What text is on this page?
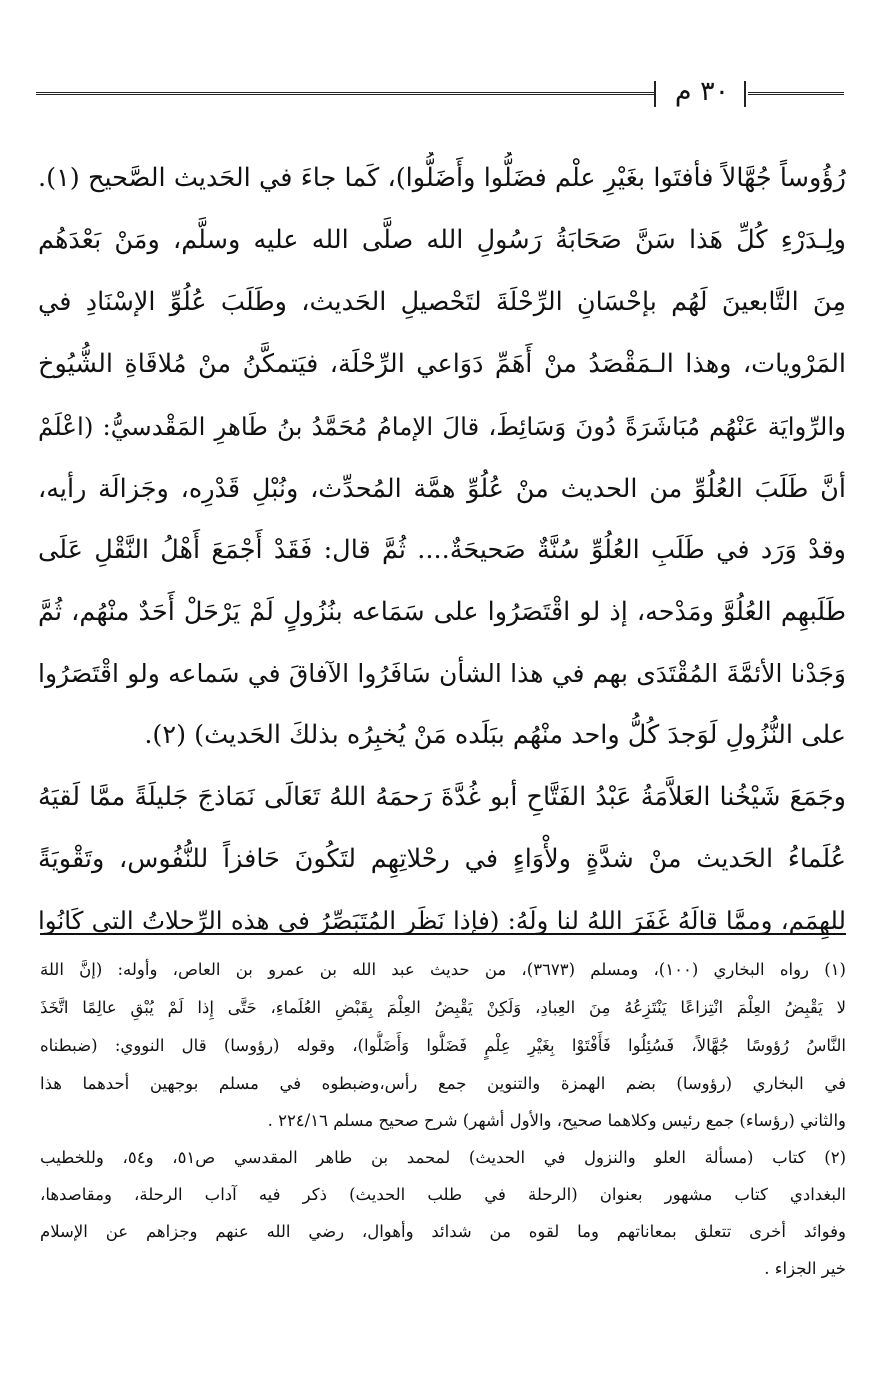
٣٠ م
رُؤُوساً جُهَّالاً فأفتَوا بغَيْرِ علْم فضَلُّوا وأَضَلُّوا)، كَما جاءَ في الحَديث الصَّحيح (١).
ولِـدَرْءِ كُلِّ هَذا سَنَّ صَحَابَةُ رَسُولِ الله صلَّى الله عليه وسلَّم، ومَنْ بَعْدَهُم
مِنَ التَّابعينَ لَهُم بإحْسَانِ الرِّحْلَةَ لتَحْصيلِ الحَديث، وطَلَبَ عُلُوِّ الإسْنَادِ في
المَرْويات، وهذا الـمَقْصَدُ منْ أَهَمِّ دَوَاعي الرِّحْلَة، فيَتمكَّنُ منْ مُلاقَاةِ الشُّيُوخ
والرِّوايَة عَنْهُم مُبَاشَرَةً دُونَ وَسَائِطَ، قالَ الإمامُ مُحَمَّدُ بنُ طَاهرِ المَقْدسيُّ: (اعْلَمْ
أنَّ طَلَبَ العُلُوِّ من الحديث منْ عُلُوِّ همَّة المُحدِّث، ونُبْلِ قَدْرِه، وجَزالَة رأيه،
وقدْ وَرَد في طَلَبِ العُلُوِّ سُنَّةٌ صَحيحَةٌ.... ثُمَّ قال: فَقَدْ أَجْمَعَ أَهْلُ النَّقْلِ عَلَى
طَلَبهِم العُلُوَّ ومَدْحه، إذ لو اقْتَصَرُوا على سَمَاعه بنُزُولٍ لَمْ يَرْحَلْ أَحَدٌ منْهُم، ثُمَّ
وَجَدْنا الأئمَّةَ المُقْتَدَى بهم في هذا الشأن سَافَرُوا الآفاقَ في سَماعه ولو اقْتَصَرُوا
على النُّزُولِ لَوَجدَ كُلُّ واحد منْهُم ببَلَده مَنْ يُخبِرُه بذلكَ الحَديث) (٢).
وجَمَعَ شَيْخُنا العَلاَّمَةُ عَبْدُ الفَتَّاحِ أبو غُدَّةَ رَحمَهُ اللهُ تَعَالَى نَمَاذجَ جَليلَةً ممَّا لَقيَهُ
عُلَماءُ الحَديث منْ شدَّةٍ ولأْوَاءٍ في رحْلاتِهِم لتَكُونَ حَافزاً للنُّفُوس، وتَقْويَةً
للهِمَم، وممَّا قالَهُ غَفَرَ اللهُ لنا ولَهُ: (فإذا نَظَر المُتَبَصِّرُ في هذه الرِّحلاتُ التي كَانُوا
(١) رواه البخاري (١٠٠)، ومسلم (٣٦٧٣)، من حديث عبد الله بن عمرو بن العاص، وأوله: (إنَّ اللهَ
لا يَقْبِضُ العِلْمَ انْتِزاعًا يَنْتَزِعُهُ مِنَ العِبادِ، وَلَكِنْ يَقْبِضُ العِلْمَ بِقَبْضِ العُلَماءِ، حَتَّى إِذا لَمْ يُبْقِ عالِمًا اتَّخَذَ
النَّاسُ رُؤوسًا جُهَّالاً، فَسُئِلُوا فَأَفْتَوْا بِغَيْرِ عِلْمٍ فَضَلُّوا وَأَضَلُّوا)، وقوله (رؤوسا) قال النووي: (ضبطناه
في البخاري (رؤوسا) بضم الهمزة والتنوين جمع رأس،وضبطوه في مسلم بوجهين أحدهما هذا
والثاني (رؤساء) جمع رئيس وكلاهما صحيح، والأول أشهر) شرح صحيح مسلم ٢٢٤/١٦ .
(٢) كتاب (مسألة العلو والنزول في الحديث) لمحمد بن طاهر المقدسي ص٥١، و٥٤، وللخطيب
البغدادي كتاب مشهور بعنوان (الرحلة في طلب الحديث) ذكر فيه آداب الرحلة، ومقاصدها،
وفوائد أخرى تتعلق بمعاناتهم وما لقوه من شدائد وأهوال، رضي الله عنهم وجزاهم عن الإسلام
خير الجزاء .
